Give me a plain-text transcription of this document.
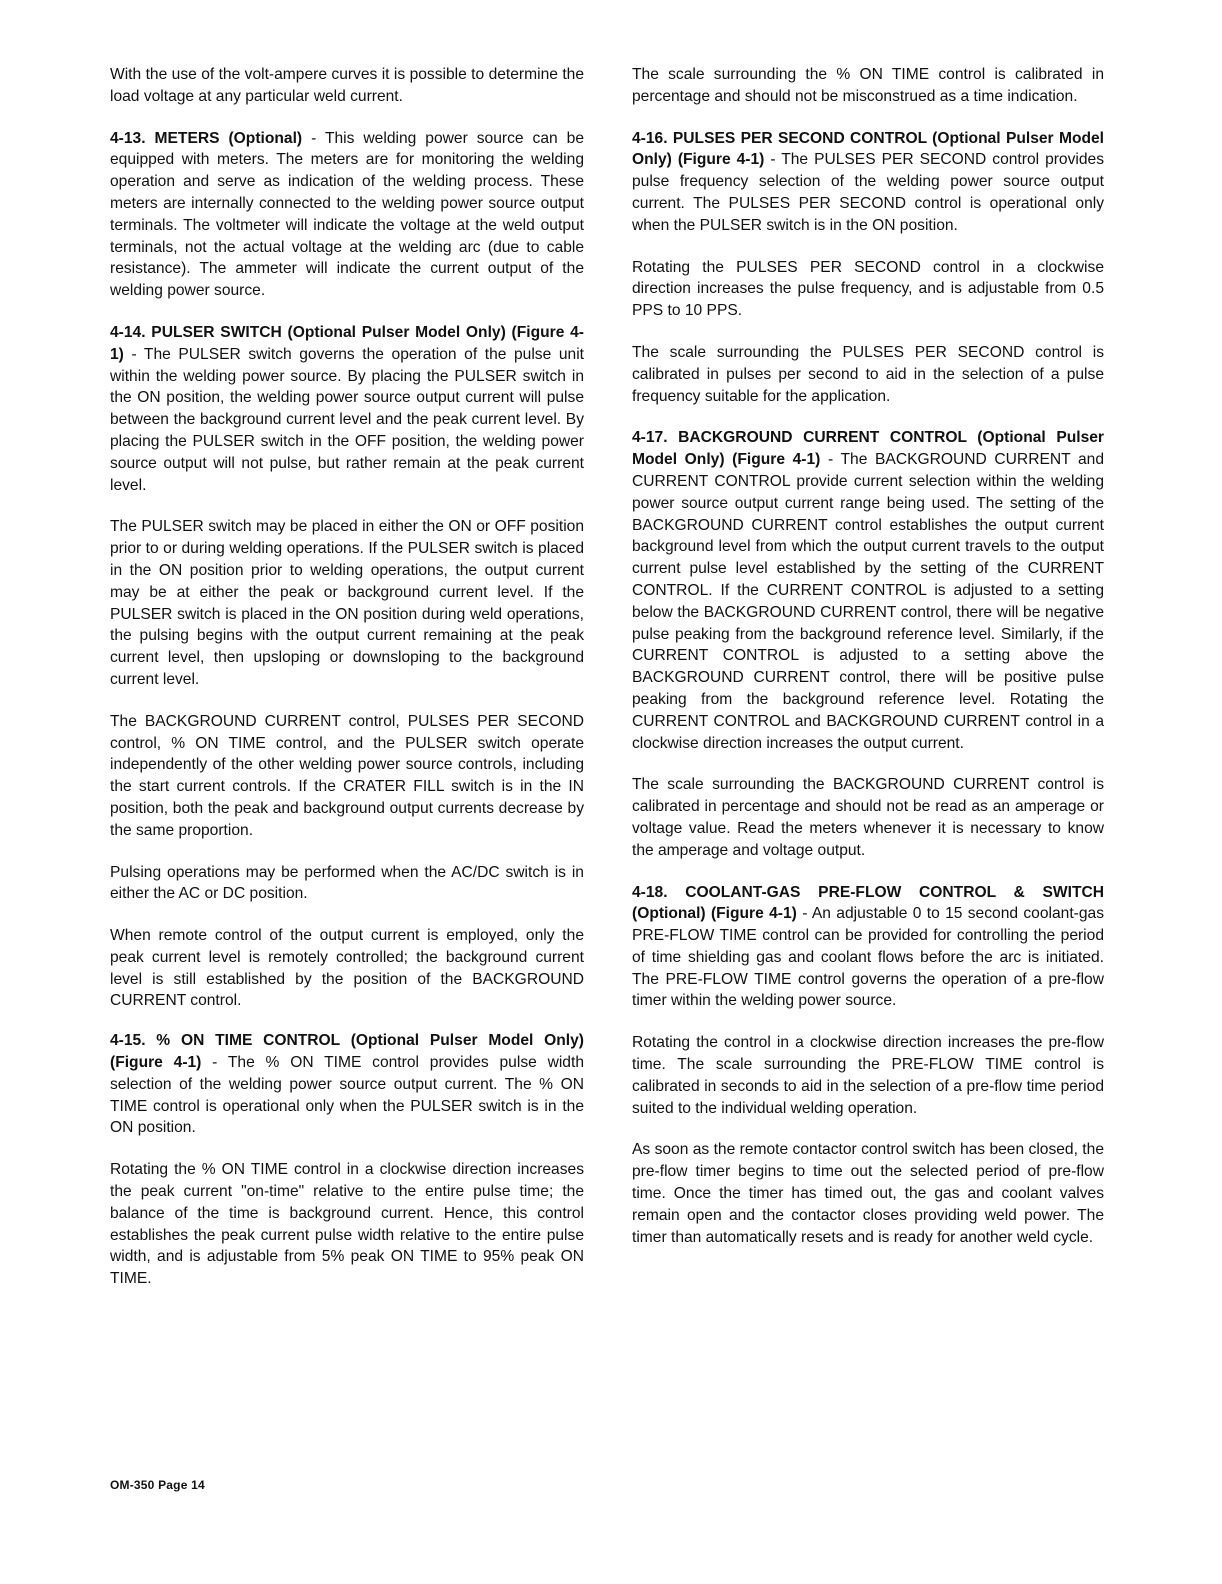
With the use of the volt-ampere curves it is possible to determine the load voltage at any particular weld current.

4-13. METERS (Optional) - This welding power source can be equipped with meters. The meters are for monitoring the welding operation and serve as indication of the welding process. These meters are internally connected to the welding power source output terminals. The voltmeter will indicate the voltage at the weld output terminals, not the actual voltage at the welding arc (due to cable resistance). The ammeter will indicate the current output of the welding power source.

4-14. PULSER SWITCH (Optional Pulser Model Only) (Figure 4-1) - The PULSER switch governs the operation of the pulse unit within the welding power source. By placing the PULSER switch in the ON position, the welding power source output current will pulse between the background current level and the peak current level. By placing the PULSER switch in the OFF position, the welding power source output will not pulse, but rather remain at the peak current level.

The PULSER switch may be placed in either the ON or OFF position prior to or during welding operations. If the PULSER switch is placed in the ON position prior to welding operations, the output current may be at either the peak or background current level. If the PULSER switch is placed in the ON position during weld operations, the pulsing begins with the output current remaining at the peak current level, then upsloping or downsloping to the background current level.

The BACKGROUND CURRENT control, PULSES PER SECOND control, % ON TIME control, and the PULSER switch operate independently of the other welding power source controls, including the start current controls. If the CRATER FILL switch is in the IN position, both the peak and background output currents decrease by the same proportion.

Pulsing operations may be performed when the AC/DC switch is in either the AC or DC position.

When remote control of the output current is employed, only the peak current level is remotely controlled; the background current level is still established by the position of the BACKGROUND CURRENT control.

4-15. % ON TIME CONTROL (Optional Pulser Model Only) (Figure 4-1) - The % ON TIME control provides pulse width selection of the welding power source output current. The % ON TIME control is operational only when the PULSER switch is in the ON position.

Rotating the % ON TIME control in a clockwise direction increases the peak current "on-time" relative to the entire pulse time; the balance of the time is background current. Hence, this control establishes the peak current pulse width relative to the entire pulse width, and is adjustable from 5% peak ON TIME to 95% peak ON TIME.

The scale surrounding the % ON TIME control is calibrated in percentage and should not be misconstrued as a time indication.

4-16. PULSES PER SECOND CONTROL (Optional Pulser Model Only) (Figure 4-1) - The PULSES PER SECOND control provides pulse frequency selection of the welding power source output current. The PULSES PER SECOND control is operational only when the PULSER switch is in the ON position.

Rotating the PULSES PER SECOND control in a clockwise direction increases the pulse frequency, and is adjustable from 0.5 PPS to 10 PPS.

The scale surrounding the PULSES PER SECOND control is calibrated in pulses per second to aid in the selection of a pulse frequency suitable for the application.

4-17. BACKGROUND CURRENT CONTROL (Optional Pulser Model Only) (Figure 4-1) - The BACKGROUND CURRENT and CURRENT CONTROL provide current selection within the welding power source output current range being used. The setting of the BACKGROUND CURRENT control establishes the output current background level from which the output current travels to the output current pulse level established by the setting of the CURRENT CONTROL. If the CURRENT CONTROL is adjusted to a setting below the BACKGROUND CURRENT control, there will be negative pulse peaking from the background reference level. Similarly, if the CURRENT CONTROL is adjusted to a setting above the BACKGROUND CURRENT control, there will be positive pulse peaking from the background reference level. Rotating the CURRENT CONTROL and BACKGROUND CURRENT control in a clockwise direction increases the output current.

The scale surrounding the BACKGROUND CURRENT control is calibrated in percentage and should not be read as an amperage or voltage value. Read the meters whenever it is necessary to know the amperage and voltage output.

4-18. COOLANT-GAS PRE-FLOW CONTROL & SWITCH (Optional) (Figure 4-1) - An adjustable 0 to 15 second coolant-gas PRE-FLOW TIME control can be provided for controlling the period of time shielding gas and coolant flows before the arc is initiated. The PRE-FLOW TIME control governs the operation of a pre-flow timer within the welding power source.

Rotating the control in a clockwise direction increases the pre-flow time. The scale surrounding the PRE-FLOW TIME control is calibrated in seconds to aid in the selection of a pre-flow time period suited to the individual welding operation.

As soon as the remote contactor control switch has been closed, the pre-flow timer begins to time out the selected period of pre-flow time. Once the timer has timed out, the gas and coolant valves remain open and the contactor closes providing weld power. The timer than automatically resets and is ready for another weld cycle.

OM-350 Page 14
